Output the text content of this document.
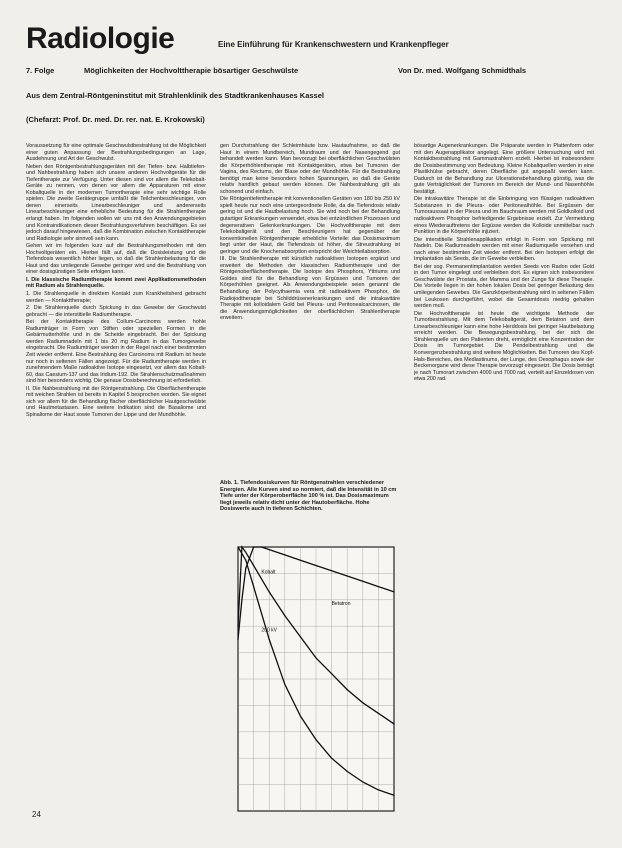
Radiologie	Eine Einführung für Krankenschwestern und Krankenpfleger
7. Folge	Möglichkeiten der Hochvolttherapie bösartiger Geschwülste	Von Dr. med. Wolfgang Schmidthals
Aus dem Zentral-Röntgeninstitut mit Strahlenklinik des Stadtkrankenhauses Kassel
(Chefarzt: Prof. Dr. med. Dr. rer. nat. E. Krokowski)

Voraussetzung für eine optimale Geschwulstbestrahlung ist die Möglichkeit einer guten Anpassung der Bestrahlungsbedingungen an Lage, Ausdehnung und Art der Geschwulst.

Neben den Röntgenbestrahlungsgeräten mit der Tiefen- bzw. Halbtiefen- und Nahbestrahlung haben sich unsere anderen Hochvoltgeräte für die Tiefentherapie zur Verfügung. Unter diesen sind vor allem die Telekobalt-Geräte zu nennen, von denen vor allem die Apparaturen mit einer Kobaltquelle in der modernen Tumortherapie eine sehr wichtige Rolle spielen. Die zweite Gerätegruppe umfaßt die Teilchenbeschleuniger, von denen einerseits Linearbeschleuniger und andererseits Linearbeschleuniger eine erhebliche Bedeutung für die Strahlentherapie erlangt haben. Im folgenden wollen wir uns mit den Anwendungsgebieten und Kontraindikationen dieser Bestrahlungsverfahren beschäftigen. Es sei jedoch darauf hingewiesen, daß die Kombination zwischen Kontakttherapie und Radiologie sehr sinnvoll sein kann.

Gehen wir im folgenden kurz auf die Bestrahlungsmethoden mit den Hochvoltgeräten ein. Hierbei fällt auf, daß die Dosisleistung und die Tiefendosis wesentlich höher liegen, so daß die Strahlenbelastung für die Haut und das umliegende Gewebe geringer wird und die Bestrahlung von einer dosisgünstigen Seite erfolgen kann.

I. Die klassische Radiumtherapie kommt zwei Applikationsmethoden mit Radium als Strahlenquelle.

1. Die Strahlenquelle in direktem Kontakt zum Krankheitsherd gebracht werden — Kontakttherapie;

2. Die Strahlenquelle durch Spickung in das Gewebe der Geschwulst gebracht — die interstitielle Radiumtherapie.

Bei der Kontakttherapie des Collum-Carcinoms werden hohle Radiumträger in Form von Stiften oder speziellen Formen in die Gebärmutterhöhle und in die Scheide eingebracht. Bei der Spickung werden Radiumnadeln mit 1 bis 20 mg Radium in das Tumorgewebe eingebracht. Die Radiumträger werden in der Regel nach einer bestimmten Zeit wieder entfernt. Eine Bestrahlung des Carcinoms mit Radium ist heute nur noch in seltenen Fällen angezeigt. Für die Radiumtherapie werden in zunehmendem Maße radioaktive Isotope eingesetzt, vor allem das Kobalt-60, das Caesium-137 und das Iridium-192. Die Strahlenschutzmaßnahmen sind hier besonders wichtig. Die genaue Dosisberechnung ist erforderlich.

II. Die Nahbestrahlung mit der Röntgenstrahlung. Die Oberflächentherapie mit weichen Strahlen ist bereits in Kapitel 5 besprochen worden. Sie eignet sich vor allem für die Behandlung flacher oberflächlicher Hautgeschwülste und Hautmetastasen. Eine weitere Indikation sind die Basaliome und Spinaliome der Haut sowie Tumoren der Lippe und der Mundhöhle.

gen Durchstrahlung der Schleimhäute bzw. Hautaufnahme, so daß die Haut in einem Mundbereich, Mundraum und der Nasengegend gut behandelt werden kann. Man bevorzugt bei oberflächlichen Geschwülsten die Körperhöhlentherapie mit Kontaktgeräten, etwa bei Tumoren der Vagina, des Rectums, der Blase oder der Mundhöhle. Für die Bestrahlung benötigt man keine besonders hohen Spannungen, so daß die Geräte relativ handlich gebaut werden können. Die Nahbestrahlung gilt als schonend und einfach.

Die Röntgentiefentherapie mit konventionellen Geräten von 180 bis 250 kV spielt heute nur noch eine untergeordnete Rolle, da die Tiefendosis relativ gering ist und die Hautbelastung hoch. Sie wird noch bei der Behandlung gutartiger Erkrankungen verwendet, etwa bei entzündlichen Prozessen und degenerativen Gelenkerkrankungen. Die Hochvolttherapie mit dem Telekobaltgerät und den Beschleunigern hat gegenüber der konventionellen Röntgentherapie erhebliche Vorteile: das Dosismaximum liegt unter der Haut, die Tiefendosis ist höher, die Streustrahlung ist geringer und die Knochenabsorption entspricht der Weichteilabsorption.

III. Die Strahlentherapie mit künstlich radioaktiven Isotopen ergänzt und erweitert die Methoden der klassischen Radiumtherapie und der Röntgenoberflächentherapie. Die Isotope des Phosphors, Yttriums und Goldes sind für die Behandlung von Ergüssen und Tumoren der Körperhöhlen geeignet. Als Anwendungsbeispiele seien genannt die Behandlung der Polycythaemia vera mit radioaktivem Phosphor, die Radiojodtherapie bei Schilddrüsenerkrankungen und die intrakavitäre Therapie mit kolloidalem Gold bei Pleura- und Peritonealcarcinosen, die die Anwendungsmöglichkeiten der oberflächlichen Strahlentherapie erweitern.

Abb. 1. Tiefendosiskurven für Röntgenstrahlen verschiedener Energien. Alle Kurven sind so normiert, daß die Intensität in 10 cm Tiefe unter der Körperoberfläche 100 % ist. Das Dosismaximum liegt jeweils relativ dicht unter der Hautoberfläche. Hohe Dosiswerte auch in tieferen Schichten.
Betatron
Kobalt
200 kV

bösartige Augenerkrankungen. Die Präparate werden in Plattenform oder mit den Augenapplikator angelegt. Eine größere Untersuchung wird mit Kontaktbestrahlung mit Gammastrahlern erzielt. Hierbei ist insbesondere die Dosisbestimmung von Bedeutung. Kleine Kobaltquellen werden in eine Plastikhülse gebracht, deren Oberfläche gut angepaßt werden kann. Dadurch ist die Behandlung zur Ulcerationsbehandlung günstig, was die gute Verträglichkeit der Tumoren im Bereich der Mund- und Nasenhöhle bestätigt.

Die intrakavitäre Therapie ist die Einbringung von flüssigen radioaktiven Substanzen in die Pleura- oder Peritonealhöhle. Bei Ergüssen der Tumoraussaat in der Pleura und im Bauchraum werden mit Goldkolloid und radioaktivem Phosphor befriedigende Ergebnisse erzielt. Zur Vermeidung eines Wiederauftretens der Ergüsse werden die Kolloide unmittelbar nach Punktion in die Körperhöhle injiziert.

Die interstitielle Strahlenapplikation erfolgt in Form von Spickung mit Nadeln. Die Radiumnadeln werden mit einer Radiumquelle versehen und nach einer bestimmten Zeit wieder entfernt. Bei den Isotopen erfolgt die Implantation als Seeds, die im Gewebe verbleiben.

Bei der sog. Permanentimplantation werden Seeds von Radon oder Gold in den Tumor eingelegt und verbleiben dort. Es eignen sich insbesondere Geschwülste der Prostata, der Mamma und der Zunge für diese Therapie. Die Vorteile liegen in der hohen lokalen Dosis bei geringer Belastung des umliegenden Gewebes. Die Ganzkörperbestrahlung wird in seltenen Fällen bei Leukosen durchgeführt, wobei die Gesamtdosis niedrig gehalten werden muß.

Die Hochvolttherapie ist heute die wichtigste Methode der Tumorbestrahlung. Mit dem Telekobaltgerät, dem Betatron und dem Linearbeschleuniger kann eine hohe Herddosis bei geringer Hautbelastung erreicht werden. Die Bewegungsbestrahlung, bei der sich die Strahlenquelle um den Patienten dreht, ermöglicht eine Konzentration der Dosis im Tumorgebiet. Die Pendelbestrahlung und die Konvergenzbestrahlung sind weitere Möglichkeiten. Bei Tumoren des Kopf-Hals-Bereiches, des Mediastinums, der Lunge, des Oesophagus sowie der Beckenorgane wird diese Therapie bevorzugt eingesetzt. Die Dosis beträgt je nach Tumorart zwischen 4000 und 7000 rad, verteilt auf Einzeldosen von etwa 200 rad.

24
